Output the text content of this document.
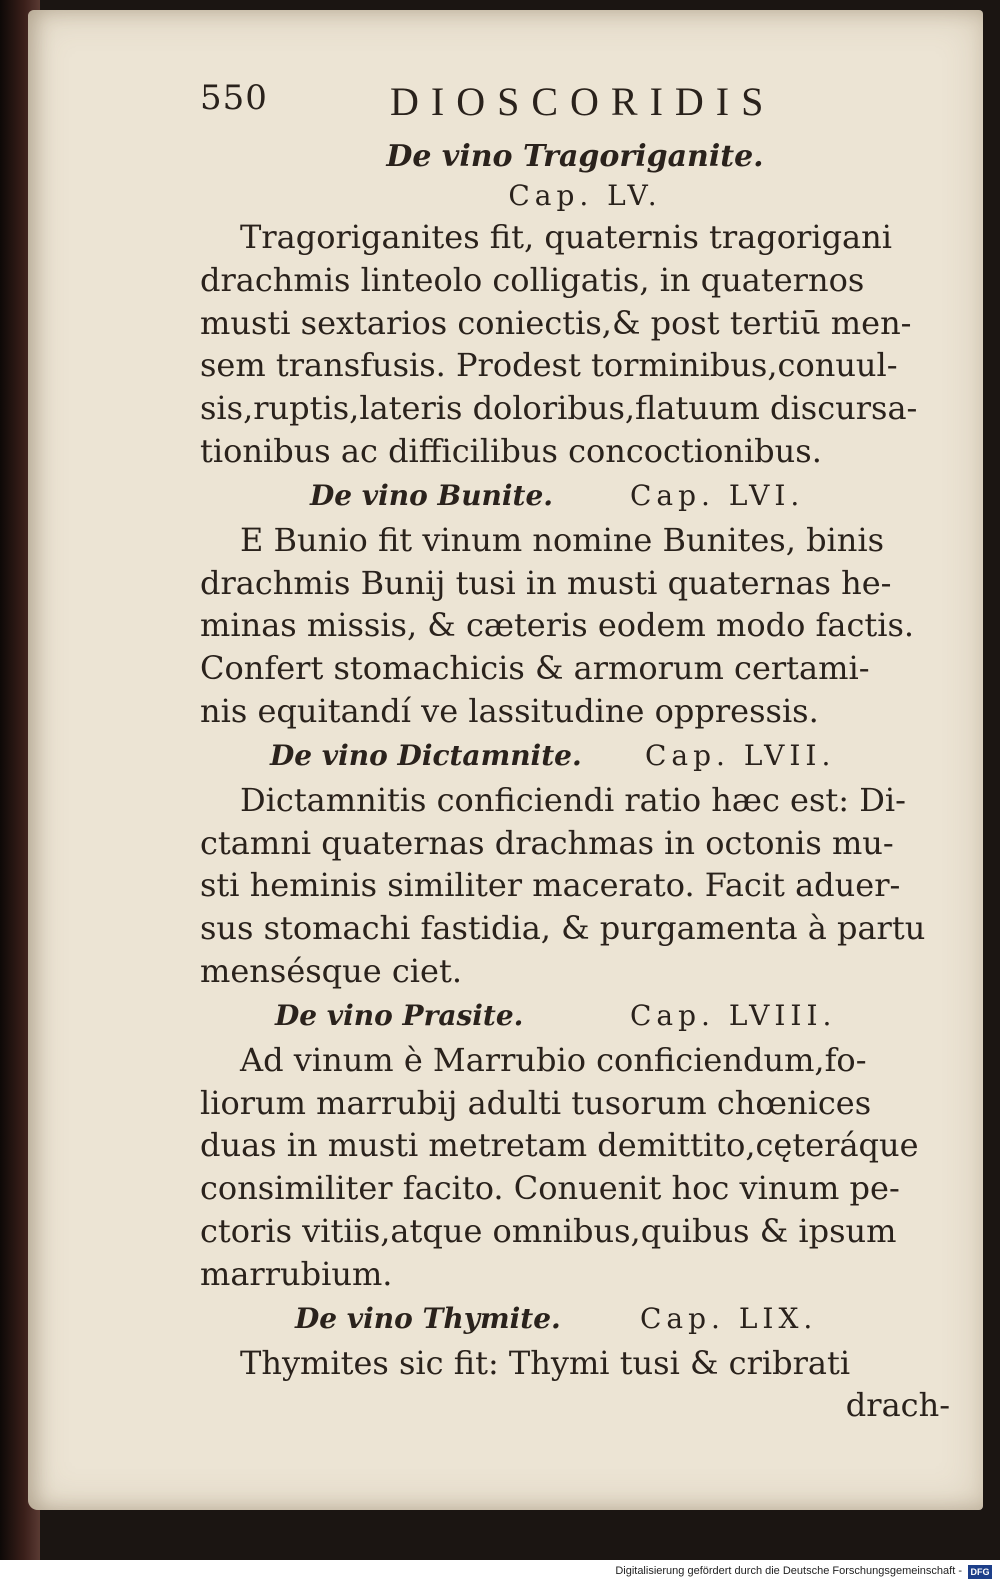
550	DIOSCORIDIS
De vino Tragoriganite.
Cap. LV.

Tragoriganites fit, quaternis tragorigani
drachmis linteolo colligatis, in quaternos
musti sextarios coniectis,& post tertiū men-
sem transfusis. Prodest torminibus,conuul-
sis,ruptis,lateris doloribus,flatuum discursa-
tionibus ac difficilibus concoctionibus.

De vino Bunite.	Cap. LVI.

E Bunio fit vinum nomine Bunites, binis
drachmis Bunij tusi in musti quaternas he-
minas missis, & cæteris eodem modo factis.
Confert stomachicis & armorum certami-
nis equitandí ve lassitudine oppressis.

De vino Dictamnite. Cap. LVII.

Dictamnitis conficiendi ratio hæc est: Di-
ctamni quaternas drachmas in octonis mu-
sti heminis similiter macerato. Facit aduer-
sus stomachi fastidia, & purgamenta à partu
mensésque ciet.

De vino Prasite.	Cap. LVIII.

Ad vinum è Marrubio conficiendum,fo-
liorum marrubij adulti tusorum chœnices
duas in musti metretam demittito,cęteráque
consimiliter facito. Conuenit hoc vinum pe-
ctoris vitiis,atque omnibus,quibus & ipsum
marrubium.

De vino Thymite.	Cap. LIX.

Thymites sic fit: Thymi tusi & cribrati

drach-
Digitalisierung gefördert durch die Deutsche Forschungsgemeinschaft - DFG
